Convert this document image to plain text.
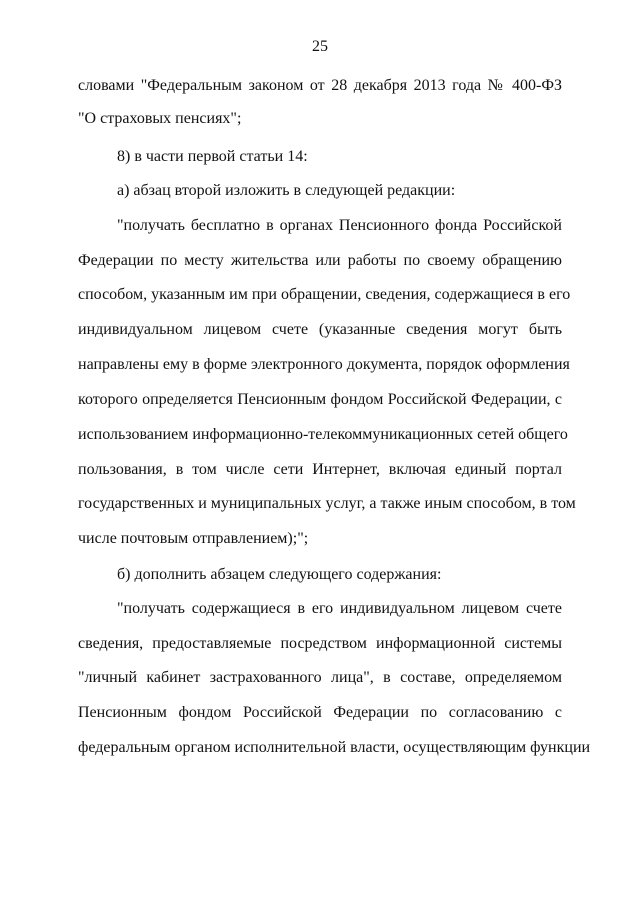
25
словами "Федеральным законом от 28 декабря 2013 года № 400-ФЗ
"О страховых пенсиях";
8) в части первой статьи 14:
а) абзац второй изложить в следующей редакции:
"получать бесплатно в органах Пенсионного фонда Российской
Федерации по месту жительства или работы по своему обращению
способом, указанным им при обращении, сведения, содержащиеся в его
индивидуальном лицевом счете (указанные сведения могут быть
направлены ему в форме электронного документа, порядок оформления
которого определяется Пенсионным фондом Российской Федерации, с
использованием информационно-телекоммуникационных сетей общего
пользования, в том числе сети Интернет, включая единый портал
государственных и муниципальных услуг, а также иным способом, в том
числе почтовым отправлением);";
б) дополнить абзацем следующего содержания:
"получать содержащиеся в его индивидуальном лицевом счете
сведения, предоставляемые посредством информационной системы
"личный кабинет застрахованного лица", в составе, определяемом
Пенсионным фондом Российской Федерации по согласованию с
федеральным органом исполнительной власти, осуществляющим функции
